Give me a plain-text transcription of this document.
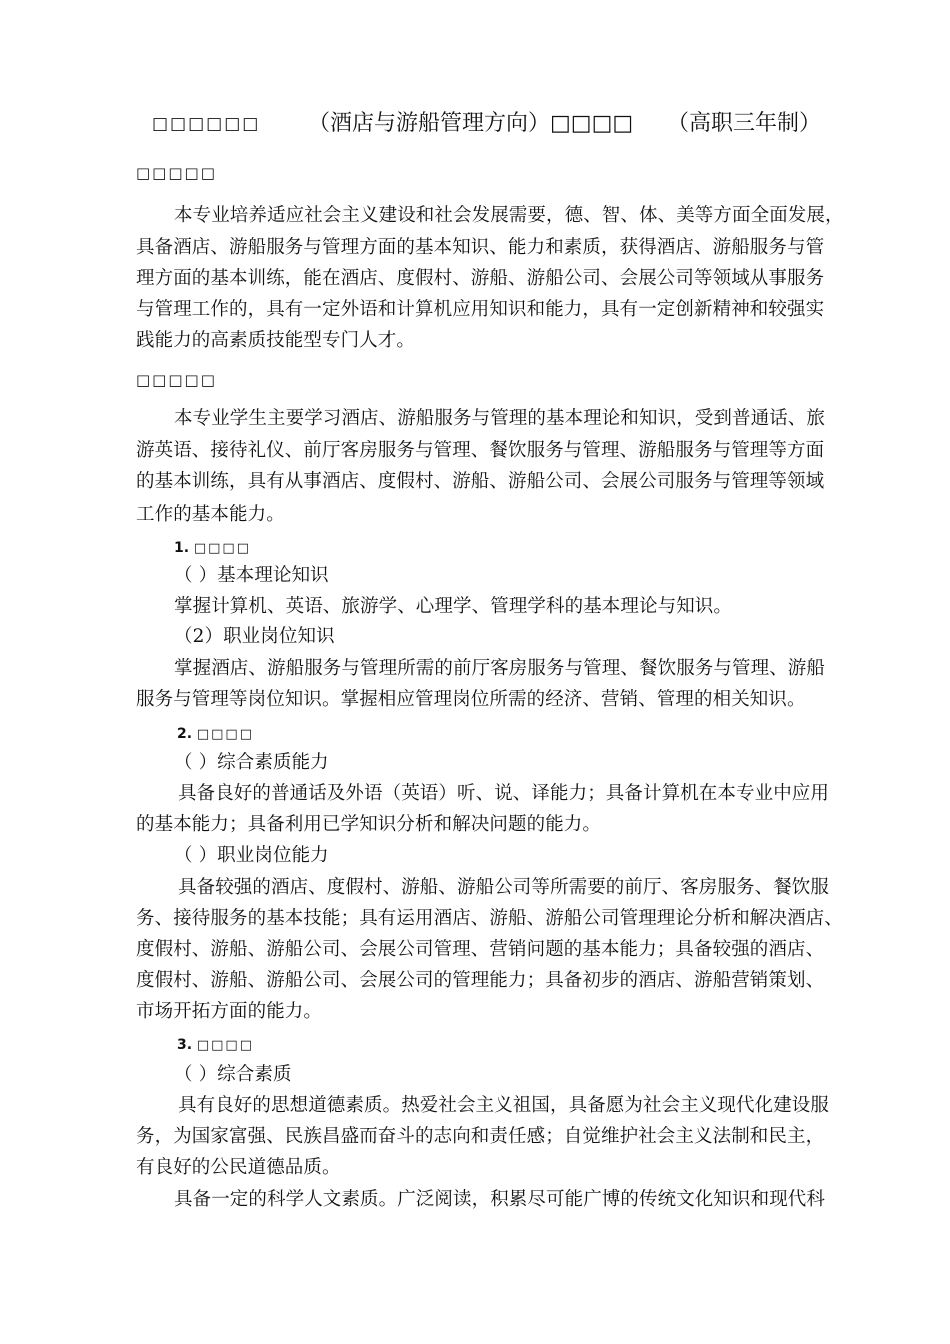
□□□□□□ （酒店与游船管理方向）□□□□ （高职三年制）
□□□□□
本专业培养适应社会主义建设和社会发展需要，德、智、体、美等方面全面发展，
具备酒店、游船服务与管理方面的基本知识、能力和素质，获得酒店、游船服务与管
理方面的基本训练，能在酒店、度假村、游船、游船公司、会展公司等领域从事服务
与管理工作的，具有一定外语和计算机应用知识和能力，具有一定创新精神和较强实
践能力的高素质技能型专门人才。
□□□□□
本专业学生主要学习酒店、游船服务与管理的基本理论和知识，受到普通话、旅
游英语、接待礼仪、前厅客房服务与管理、餐饮服务与管理、游船服务与管理等方面
的基本训练，具有从事酒店、度假村、游船、游船公司、会展公司服务与管理等领域
工作的基本能力。
1. □□□□
（ ）基本理论知识
掌握计算机、英语、旅游学、心理学、管理学科的基本理论与知识。
（2）职业岗位知识
掌握酒店、游船服务与管理所需的前厅客房服务与管理、餐饮服务与管理、游船
服务与管理等岗位知识。掌握相应管理岗位所需的经济、营销、管理的相关知识。
2. □□□□
（ ）综合素质能力
具备良好的普通话及外语（英语）听、说、译能力；具备计算机在本专业中应用
的基本能力；具备利用已学知识分析和解决问题的能力。
（ ）职业岗位能力
具备较强的酒店、度假村、游船、游船公司等所需要的前厅、客房服务、餐饮服
务、接待服务的基本技能；具有运用酒店、游船、游船公司管理理论分析和解决酒店、
度假村、游船、游船公司、会展公司管理、营销问题的基本能力；具备较强的酒店、
度假村、游船、游船公司、会展公司的管理能力；具备初步的酒店、游船营销策划、
市场开拓方面的能力。
3. □□□□
（ ）综合素质
具有良好的思想道德素质。热爱社会主义祖国，具备愿为社会主义现代化建设服
务，为国家富强、民族昌盛而奋斗的志向和责任感；自觉维护社会主义法制和民主，
有良好的公民道德品质。
具备一定的科学人文素质。广泛阅读，积累尽可能广博的传统文化知识和现代科
